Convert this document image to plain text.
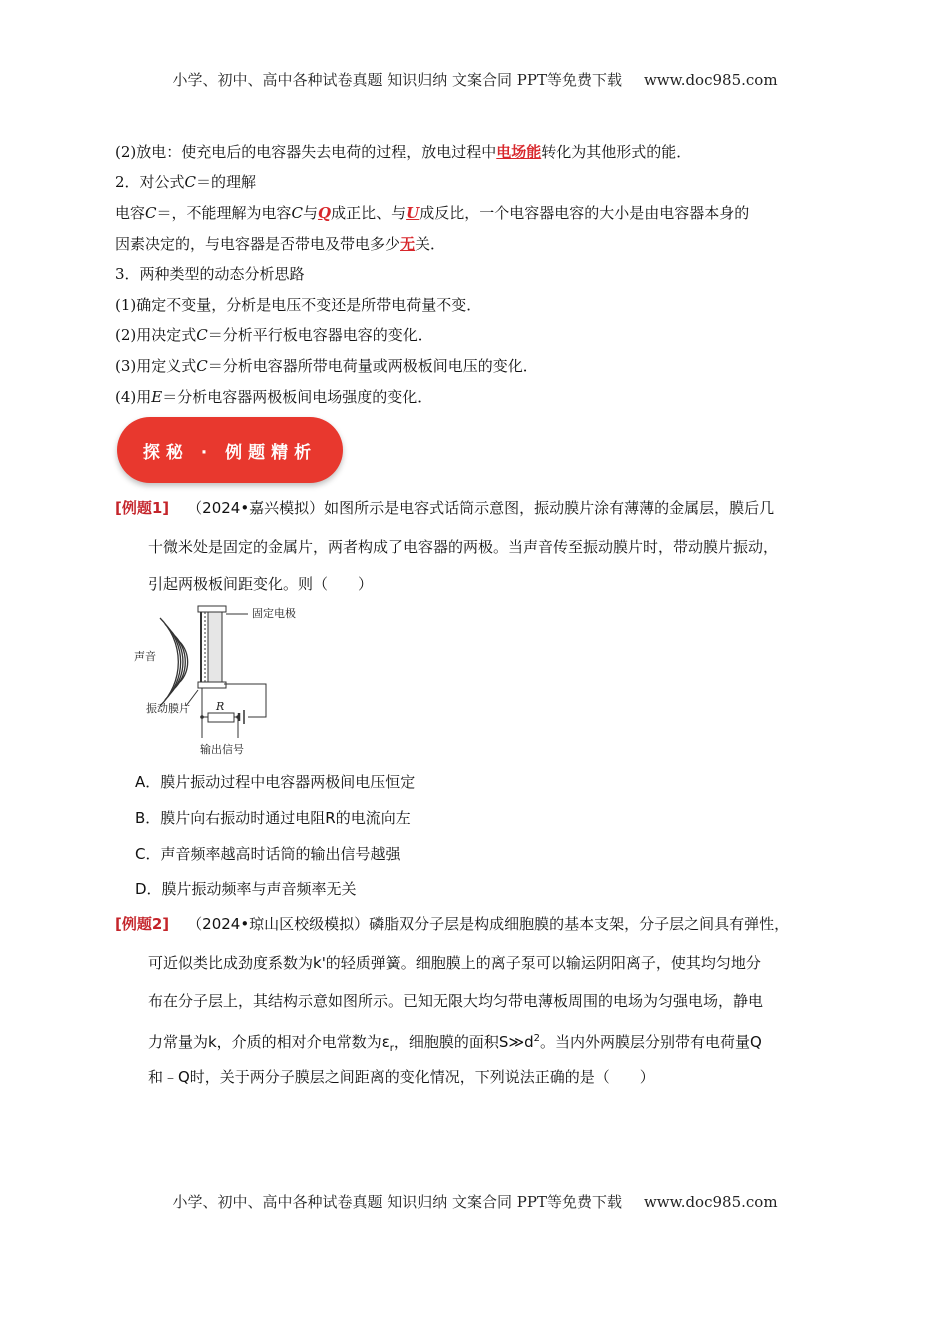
小学、初中、高中各种试卷真题 知识归纳 文案合同 PPT等免费下载 www.doc985.com
(2)放电：使充电后的电容器失去电荷的过程，放电过程中电场能转化为其他形式的能．
2．对公式C＝的理解
电容C＝，不能理解为电容C与Q成正比、与U成反比，一个电容器电容的大小是由电容器本身的
因素决定的，与电容器是否带电及带电多少无关．
3．两种类型的动态分析思路
(1)确定不变量，分析是电压不变还是所带电荷量不变．
(2)用决定式C＝分析平行板电容器电容的变化．
(3)用定义式C＝分析电容器所带电荷量或两极板间电压的变化．
(4)用E＝分析电容器两极板间电场强度的变化．
探秘 · 例题精析
[例题1] （2024•嘉兴模拟）如图所示是电容式话筒示意图，振动膜片涂有薄薄的金属层，膜后几
十微米处是固定的金属片，两者构成了电容器的两极。当声音传至振动膜片时，带动膜片振动，
引起两极板间距变化。则（　　）
固定电极
声音
振动膜片 R
输出信号
A．膜片振动过程中电容器两极间电压恒定
B．膜片向右振动时通过电阻R的电流向左
C．声音频率越高时话筒的输出信号越强
D．膜片振动频率与声音频率无关
[例题2] （2024•琼山区校级模拟）磷脂双分子层是构成细胞膜的基本支架，分子层之间具有弹性，
可近似类比成劲度系数为k'的轻质弹簧。细胞膜上的离子泵可以输运阴阳离子，使其均匀地分
布在分子层上，其结构示意如图所示。已知无限大均匀带电薄板周围的电场为匀强电场，静电
力常量为k，介质的相对介电常数为$\varepsilon_r$，细胞膜的面积$S≫d^2$。当内外两膜层分别带有电荷量Q
和﹣Q时，关于两分子膜层之间距离的变化情况，下列说法正确的是（　　）
小学、初中、高中各种试卷真题 知识归纳 文案合同 PPT等免费下载 www.doc985.com
